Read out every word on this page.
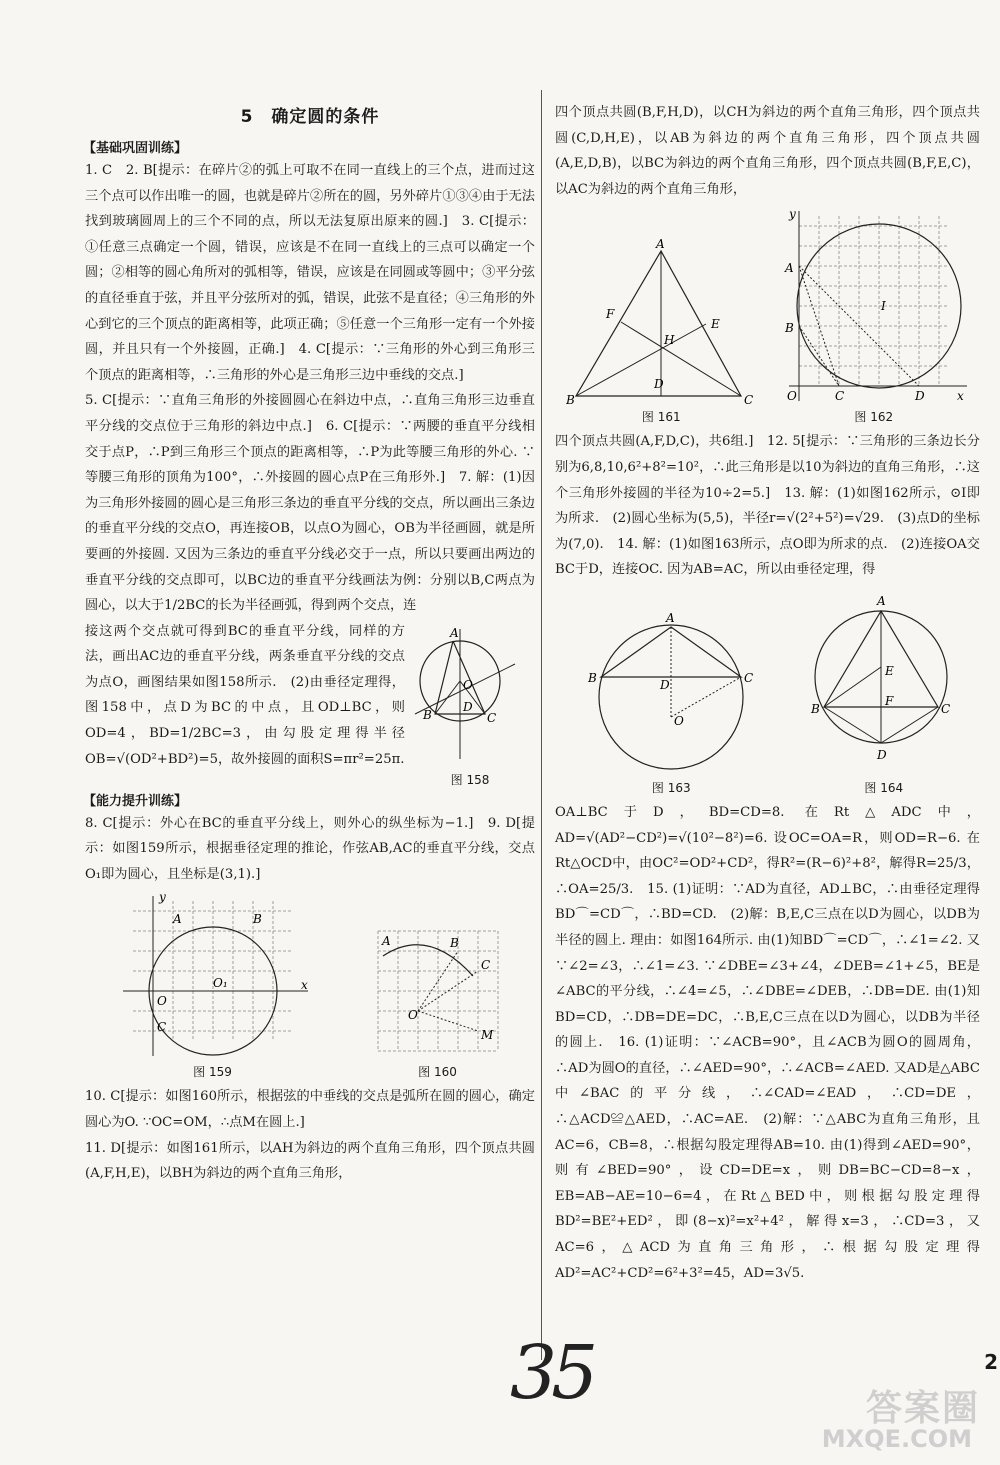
5　确定圆的条件
【基础巩固训练】

1. C　2. B[提示：在碎片②的弧上可取不在同一直线上的三个点，进而过这三个点可以作出唯一的圆，也就是碎片②所在的圆，另外碎片①③④由于无法找到玻璃圆周上的三个不同的点，所以无法复原出原来的圆.]　3. C[提示：①任意三点确定一个圆，错误，应该是不在同一直线上的三点可以确定一个圆；②相等的圆心角所对的弧相等，错误，应该是在同圆或等圆中；③平分弦的直径垂直于弦，并且平分弦所对的弧，错误，此弦不是直径；④三角形的外心到它的三个顶点的距离相等，此项正确；⑤任意一个三角形一定有一个外接圆，并且只有一个外接圆，正确.]　4. C[提示：∵三角形的外心到三角形三个顶点的距离相等，∴三角形的外心是三角形三边中垂线的交点.]

5. C[提示：∵直角三角形的外接圆圆心在斜边中点，∴直角三角形三边垂直平分线的交点位于三角形的斜边中点.]　6. C[提示：∵两腰的垂直平分线相交于点P，∴P到三角形三个顶点的距离相等，∴P为此等腰三角形的外心. ∵等腰三角形的顶角为100°，∴外接圆的圆心点P在三角形外.]　7. 解：(1)因为三角形外接圆的圆心是三角形三条边的垂直平分线的交点，所以画出三条边的垂直平分线的交点O，再连接OB，以点O为圆心，OB为半径画圆，就是所要画的外接圆. 又因为三条边的垂直平分线必交于一点，所以只要画出两边的垂直平分线的交点即可，以BC边的垂直平分线画法为例：分别以B,C两点为圆心，以大于1/2BC的长为半径画弧，得到两个交点，连

接这两个交点就可得到BC的垂直平分线，同样的方法，画出AC边的垂直平分线，两条垂直平分线的交点为点O，画图结果如图158所示.　(2)由垂径定理得，图158中，点D为BC的中点，且OD⊥BC，则OD=4，BD=1/2BC=3，由勾股定理得半径OB=√(OD²+BD²)=5，故外接圆的面积S=πr²=25π.

A
B	C
O
D
图 158
【能力提升训练】

8. C[提示：外心在BC的垂直平分线上，则外心的纵坐标为−1.]　9. D[提示：如图159所示，根据垂径定理的推论，作弦AB,AC的垂直平分线，交点O₁即为圆心，且坐标是(3,1).]

O
O₁
A	B
C
x
y
图 159
A	B
C
O
M
图 160

10. C[提示：如图160所示，根据弦的中垂线的交点是弧所在圆的圆心，确定圆心为O. ∵OC=OM，∴点M在圆上.]

11. D[提示：如图161所示，以AH为斜边的两个直角三角形，四个顶点共圆(A,F,H,E)，以BH为斜边的两个直角三角形，

四个顶点共圆(B,F,H,D)，以CH为斜边的两个直角三角形，四个顶点共圆(C,D,H,E)，以AB为斜边的两个直角三角形，四个顶点共圆(A,E,D,B)，以BC为斜边的两个直角三角形，四个顶点共圆(B,F,E,C)，以AC为斜边的两个直角三角形，

A
B	C
D
E
F
H
图 161
A
B
C	D
I
O	x
y
图 162

四个顶点共圆(A,F,D,C)，共6组.]　12. 5[提示：∵三角形的三条边长分别为6,8,10,6²+8²=10²，∴此三角形是以10为斜边的直角三角形，∴这个三角形外接圆的半径为10÷2=5.]　13. 解：(1)如图162所示，⊙I即为所求.　(2)圆心坐标为(5,5)，半径r=√(2²+5²)=√29.　(3)点D的坐标为(7,0).　14. 解：(1)如图163所示，点O即为所求的点.　(2)连接OA交BC于D，连接OC. 因为AB=AC，所以由垂径定理，得

A
B	C
D
O
图 163
A
B	C
D
E
F
图 164

OA⊥BC于D，BD=CD=8. 在Rt△ADC中，AD=√(AD²−CD²)=√(10²−8²)=6. 设OC=OA=R，则OD=R−6. 在Rt△OCD中，由OC²=OD²+CD²，得R²=(R−6)²+8²，解得R=25/3，∴OA=25/3.　15. (1)证明：∵AD为直径，AD⊥BC，∴由垂径定理得BD⌒=CD⌒，∴BD=CD.　(2)解：B,E,C三点在以D为圆心，以DB为半径的圆上. 理由：如图164所示. 由(1)知BD⌒=CD⌒，∴∠1=∠2. 又∵∠2=∠3，∴∠1=∠3. ∵∠DBE=∠3+∠4，∠DEB=∠1+∠5，BE是∠ABC的平分线，∴∠4=∠5，∴∠DBE=∠DEB，∴DB=DE. 由(1)知BD=CD，∴DB=DE=DC，∴B,E,C三点在以D为圆心，以DB为半径的圆上.　16. (1)证明：∵∠ACB=90°，且∠ACB为圆O的圆周角，∴AD为圆O的直径，∴∠AED=90°，∴∠ACB=∠AED. 又AD是△ABC中∠BAC的平分线，∴∠CAD=∠EAD，∴CD=DE，∴△ACD≌△AED，∴AC=AE.　(2)解：∵△ABC为直角三角形，且AC=6，CB=8，∴根据勾股定理得AB=10. 由(1)得到∠AED=90°，则有∠BED=90°，设CD=DE=x，则DB=BC−CD=8−x，EB=AB−AE=10−6=4，在Rt△BED中，则根据勾股定理得BD²=BE²+ED²，即(8−x)²=x²+4²，解得x=3，∴CD=3，又AC=6，△ACD为直角三角形，∴根据勾股定理得AD²=AC²+CD²=6²+3²=45，AD=3√5.

35	2
答案圈
MXQE.COM
